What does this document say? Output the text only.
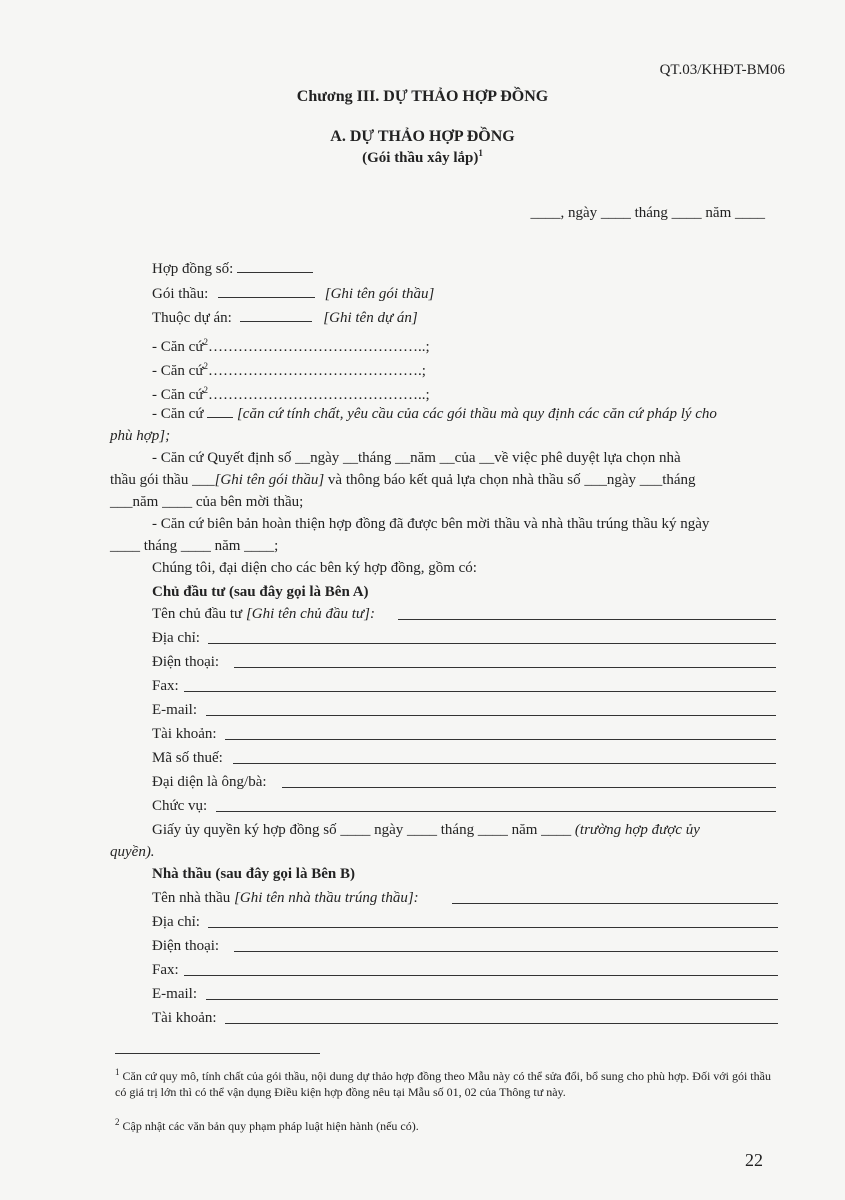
QT.03/KHĐT-BM06
Chương III. DỰ THẢO HỢP ĐỒNG
A. DỰ THẢO HỢP ĐỒNG
(Gói thầu xây lắp)$^1$
____, ngày ____ tháng ____ năm ____
Hợp đồng số:
Gói thầu:	[Ghi tên gói thầu]
Thuộc dự án:	[Ghi tên dự án]
- Căn cứ$^2$……………………………………..;
- Căn cứ$^2$…………………………………….;
- Căn cứ$^2$……………………………………..;
- Căn cứ [căn cứ tính chất, yêu cầu của các gói thầu mà quy định các căn cứ pháp lý cho
phù hợp];
- Căn cứ Quyết định số __ngày __tháng __năm __của __về việc phê duyệt lựa chọn nhà
thầu gói thầu ___[Ghi tên gói thầu] và thông báo kết quả lựa chọn nhà thầu số ___ngày ___tháng
___năm ____ của bên mời thầu;
- Căn cứ biên bản hoàn thiện hợp đồng đã được bên mời thầu và nhà thầu trúng thầu ký ngày
____ tháng ____ năm ____;
Chúng tôi, đại diện cho các bên ký hợp đồng, gồm có:
Chủ đầu tư (sau đây gọi là Bên A)
Tên chủ đầu tư [Ghi tên chủ đầu tư]:
Địa chỉ:
Điện thoại:
Fax:
E-mail:
Tài khoản:
Mã số thuế:
Đại diện là ông/bà:
Chức vụ:
Giấy ủy quyền ký hợp đồng số ____ ngày ____ tháng ____ năm ____ (trường hợp được ủy
quyền).
Nhà thầu (sau đây gọi là Bên B)
Tên nhà thầu [Ghi tên nhà thầu trúng thầu]:
Địa chỉ:
Điện thoại:
Fax:
E-mail:
Tài khoản:
$^1$ Căn cứ quy mô, tính chất của gói thầu, nội dung dự thảo hợp đồng theo Mẫu này có thể sửa đổi, bổ sung cho phù hợp. Đối với gói thầu có giá trị lớn thì có thể vận dụng Điều kiện hợp đồng nêu tại Mẫu số 01, 02 của Thông tư này.
$^2$ Cập nhật các văn bản quy phạm pháp luật hiện hành (nếu có).
22
